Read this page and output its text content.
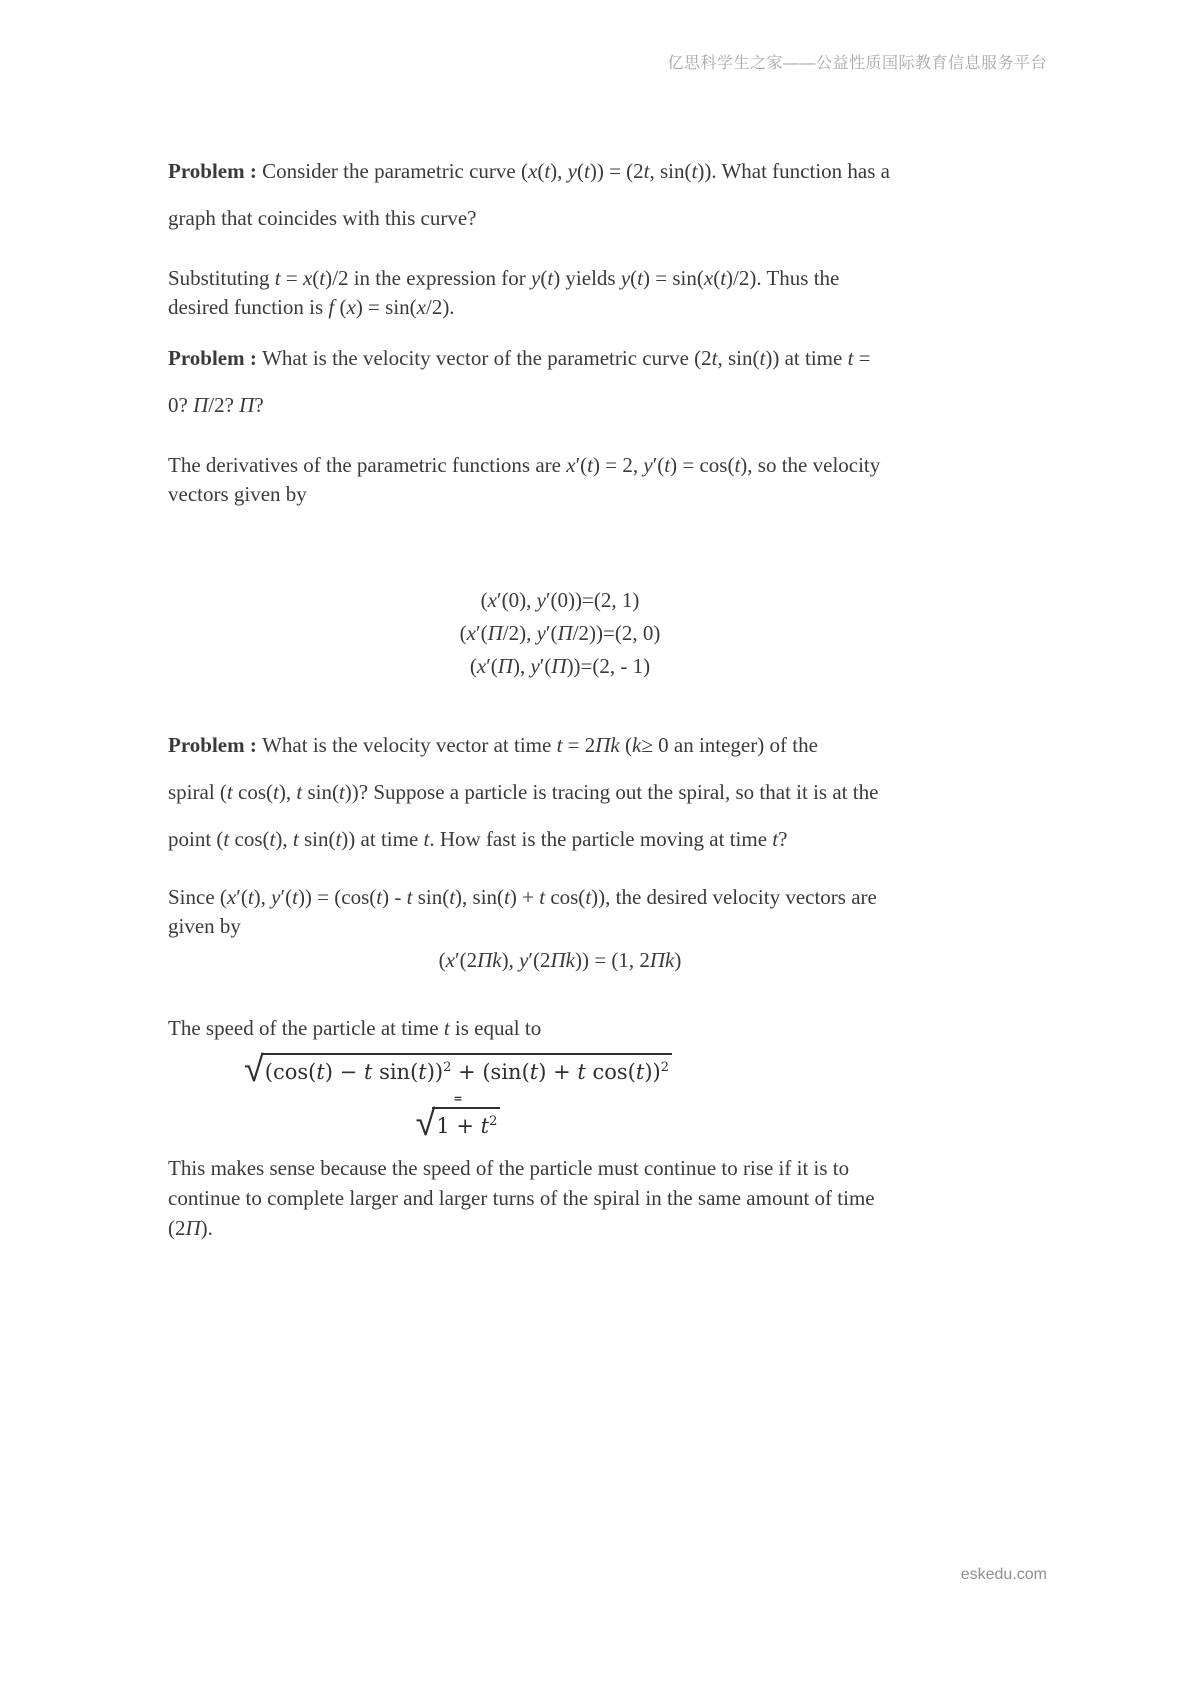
亿思科学生之家——公益性质国际教育信息服务平台

Problem : Consider the parametric curve (x(t), y(t)) = (2t, sin(t)). What function has a
graph that coincides with this curve?

Substituting t = x(t)/2 in the expression for y(t) yields y(t) = sin(x(t)/2). Thus the
desired function is f (x) = sin(x/2).

Problem : What is the velocity vector of the parametric curve (2t, sin(t)) at time t =
0? Π/2? Π?

The derivatives of the parametric functions are x′(t) = 2, y′(t) = cos(t), so the velocity
vectors given by

(x′(0), y′(0))=(2, 1)
(x′(Π/2), y′(Π/2))=(2, 0)
(x′(Π), y′(Π))=(2, - 1)

Problem : What is the velocity vector at time t = 2Πk (k≥ 0 an integer) of the
spiral (t cos(t), t sin(t))? Suppose a particle is tracing out the spiral, so that it is at the
point (t cos(t), t sin(t)) at time t. How fast is the particle moving at time t?

Since (x′(t), y′(t)) = (cos(t) - t sin(t), sin(t) + t cos(t)), the desired velocity vectors are
given by

(x′(2Πk), y′(2Πk)) = (1, 2Πk)

The speed of the particle at time t is equal to

√ (cos(t) − t sin(t))$^2$ + (sin(t) + t cos(t))$^2$
=
√ $1 + t^2$

This makes sense because the speed of the particle must continue to rise if it is to
continue to complete larger and larger turns of the spiral in the same amount of time
(2Π).

eskedu.com
